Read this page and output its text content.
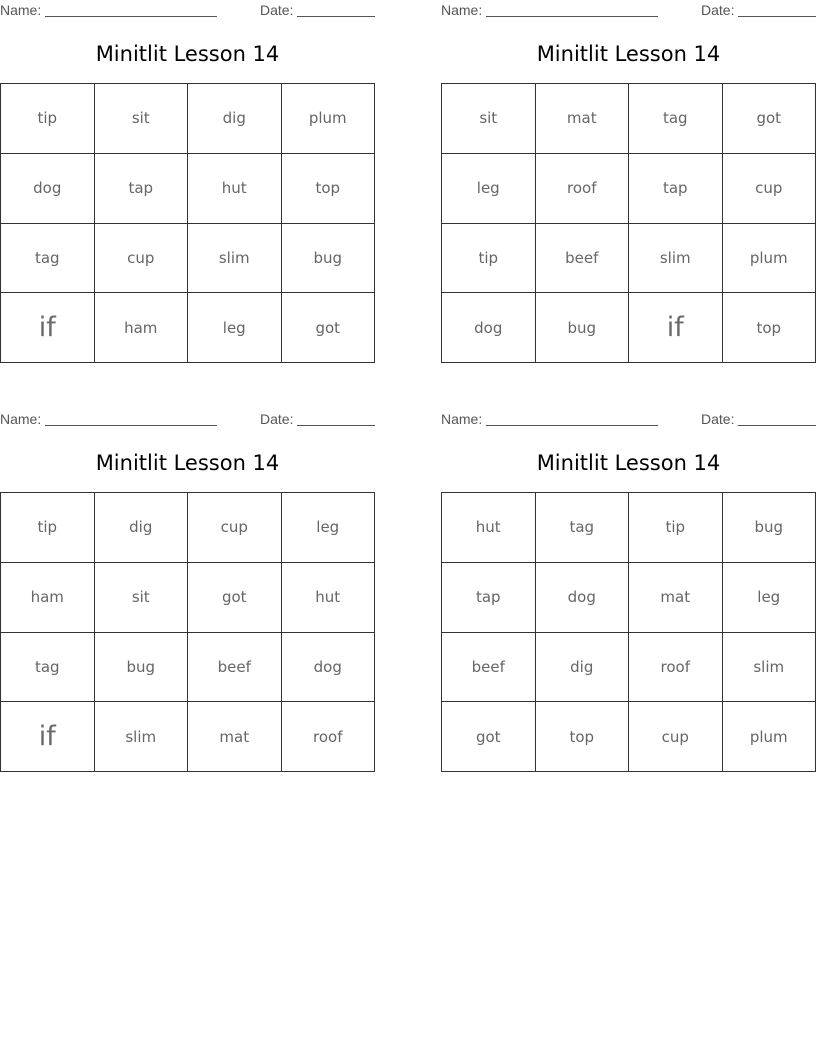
Name:	Date:
Minitlit Lesson 14
tip	sit	dig	plum
dog	tap	hut	top
tag	cup	slim	bug
if	ham	leg	got
Name:	Date:
Minitlit Lesson 14
sit	mat	tag	got
leg	roof	tap	cup
tip	beef	slim	plum
dog	bug	if	top
Name:	Date:
Minitlit Lesson 14
tip	dig	cup	leg
ham	sit	got	hut
tag	bug	beef	dog
if	slim	mat	roof
Name:	Date:
Minitlit Lesson 14
hut	tag	tip	bug
tap	dog	mat	leg
beef	dig	roof	slim
got	top	cup	plum
